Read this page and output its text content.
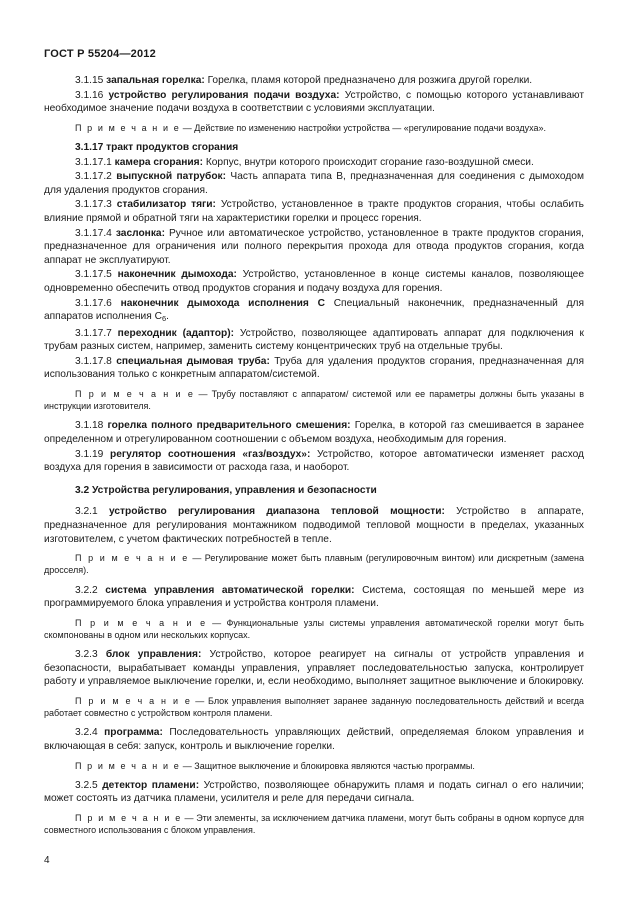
ГОСТ Р 55204—2012
3.1.15 запальная горелка: Горелка, пламя которой предназначено для розжига другой горелки.
3.1.16 устройство регулирования подачи воздуха: Устройство, с помощью которого устанавливают необходимое значение подачи воздуха в соответствии с условиями эксплуатации.
П р и м е ч а н и е — Действие по изменению настройки устройства — «регулирование подачи воздуха».
3.1.17 тракт продуктов сгорания
3.1.17.1 камера сгорания: Корпус, внутри которого происходит сгорание газо-воздушной смеси.
3.1.17.2 выпускной патрубок: Часть аппарата типа B, предназначенная для соединения с дымоходом для удаления продуктов сгорания.
3.1.17.3 стабилизатор тяги: Устройство, установленное в тракте продуктов сгорания, чтобы ослабить влияние прямой и обратной тяги на характеристики горелки и процесс горения.
3.1.17.4 заслонка: Ручное или автоматическое устройство, установленное в тракте продуктов сгорания, предназначенное для ограничения или полного перекрытия прохода для отвода продуктов сгорания, когда аппарат не эксплуатируют.
3.1.17.5 наконечник дымохода: Устройство, установленное в конце системы каналов, позволяющее одновременно обеспечить отвод продуктов сгорания и подачу воздуха для горения.
3.1.17.6 наконечник дымохода исполнения C Специальный наконечник, предназначенный для аппаратов исполнения $C_6$.
3.1.17.7 переходник (адаптор): Устройство, позволяющее адаптировать аппарат для подключения к трубам разных систем, например, заменить систему концентрических труб на отдельные трубы.
3.1.17.8 специальная дымовая труба: Труба для удаления продуктов сгорания, предназначенная для использования только с конкретным аппаратом/системой.
П р и м е ч а н и е — Трубу поставляют с аппаратом/ системой или ее параметры должны быть указаны в инструкции изготовителя.
3.1.18 горелка полного предварительного смешения: Горелка, в которой газ смешивается в заранее определенном и отрегулированном соотношении с объемом воздуха, необходимым для горения.
3.1.19 регулятор соотношения «газ/воздух»: Устройство, которое автоматически изменяет расход воздуха для горения в зависимости от расхода газа, и наоборот.
3.2 Устройства регулирования, управления и безопасности
3.2.1 устройство регулирования диапазона тепловой мощности: Устройство в аппарате, предназначенное для регулирования монтажником подводимой тепловой мощности в пределах, указанных изготовителем, с учетом фактических потребностей в тепле.
П р и м е ч а н и е — Регулирование может быть плавным (регулировочным винтом) или дискретным (замена дросселя).
3.2.2 система управления автоматической горелки: Система, состоящая по меньшей мере из программируемого блока управления и устройства контроля пламени.
П р и м е ч а н и е — Функциональные узлы системы управления автоматической горелки могут быть скомпонованы в одном или нескольких корпусах.
3.2.3 блок управления: Устройство, которое реагирует на сигналы от устройств управления и безопасности, вырабатывает команды управления, управляет последовательностью запуска, контролирует работу и управляемое выключение горелки, и, если необходимо, выполняет защитное выключение и блокировку.
П р и м е ч а н и е — Блок управления выполняет заранее заданную последовательность действий и всегда работает совместно с устройством контроля пламени.
3.2.4 программа: Последовательность управляющих действий, определяемая блоком управления и включающая в себя: запуск, контроль и выключение горелки.
П р и м е ч а н и е — Защитное выключение и блокировка являются частью программы.
3.2.5 детектор пламени: Устройство, позволяющее обнаружить пламя и подать сигнал о его наличии; может состоять из датчика пламени, усилителя и реле для передачи сигнала.
П р и м е ч а н и е — Эти элементы, за исключением датчика пламени, могут быть собраны в одном корпусе для совместного использования с блоком управления.
4
